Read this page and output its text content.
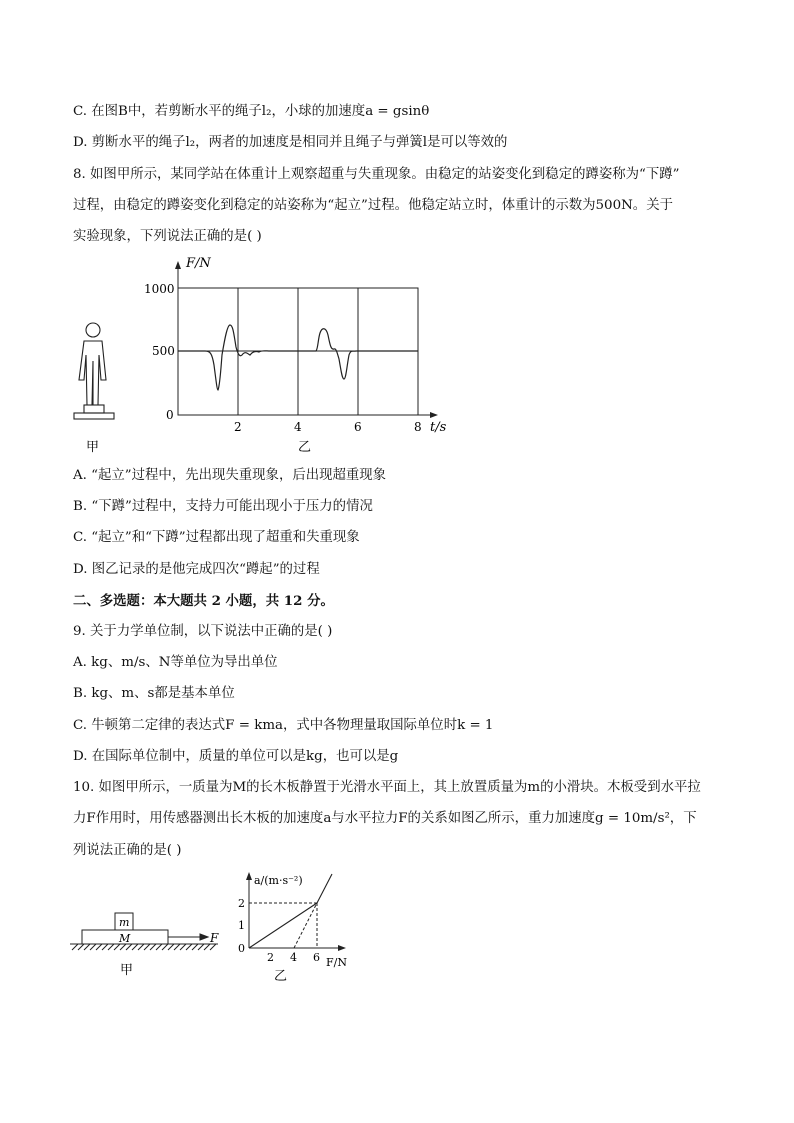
C. 在图B中，若剪断水平的绳子l₂，小球的加速度a = gsinθ
D. 剪断水平的绳子l₂，两者的加速度是相同并且绳子与弹簧l是可以等效的
8. 如图甲所示，某同学站在体重计上观察超重与失重现象。由稳定的站姿变化到稳定的蹲姿称为“下蹲”
过程，由稳定的蹲姿变化到稳定的站姿称为“起立”过程。他稳定站立时，体重计的示数为500N。关于
实验现象，下列说法正确的是( )
甲
F/N
t/s
1000
500
0
2	4	6	8
乙
A. “起立”过程中，先出现失重现象，后出现超重现象
B. “下蹲”过程中，支持力可能出现小于压力的情况
C. “起立”和“下蹲”过程都出现了超重和失重现象
D. 图乙记录的是他完成四次“蹲起”的过程
二、多选题：本大题共 2 小题，共 12 分。
9. 关于力学单位制，以下说法中正确的是( )
A. kg、m/s、N等单位为导出单位
B. kg、m、s都是基本单位
C. 牛顿第二定律的表达式F = kma，式中各物理量取国际单位时k = 1
D. 在国际单位制中，质量的单位可以是kg，也可以是g
10. 如图甲所示，一质量为M的长木板静置于光滑水平面上，其上放置质量为m的小滑块。木板受到水平拉
力F作用时，用传感器测出长木板的加速度a与水平拉力F的关系如图乙所示，重力加速度g = 10m/s²，下
列说法正确的是( )
m
M	F
甲
a/(m·s⁻²)
F/N
2
1
0
2 4 6
乙
